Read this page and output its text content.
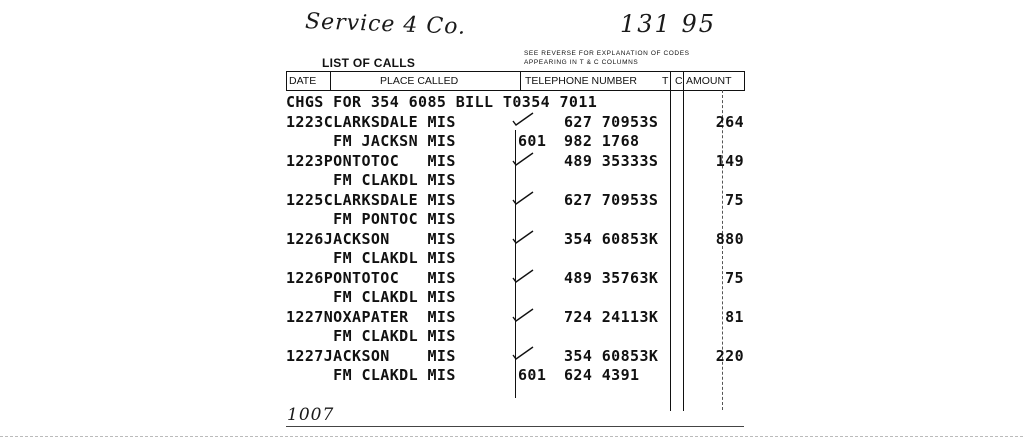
Service 4 Co.	131 95
LIST OF CALLS
SEE REVERSE FOR EXPLANATION OF CODES
APPEARING IN T & C COLUMNS
DATE	PLACE CALLED	TELEPHONE NUMBER T C AMOUNT
CHGS FOR 354 6085 BILL T0354 7011
1223CLARKSDALE MIS	627 70953S	264
FM JACKSN MIS	601 982 1768
1223PONTOTOC   MIS	489 35333S	149
FM CLAKDL MIS
1225CLARKSDALE MIS	627 70953S	75
FM PONTOC MIS
1226JACKSON    MIS	354 60853K	880
FM CLAKDL MIS
1226PONTOTOC   MIS	489 35763K	75
FM CLAKDL MIS
1227NOXAPATER  MIS	724 24113K	81
FM CLAKDL MIS
1227JACKSON    MIS	354 60853K	220
FM CLAKDL MIS	601 624 4391
1007
